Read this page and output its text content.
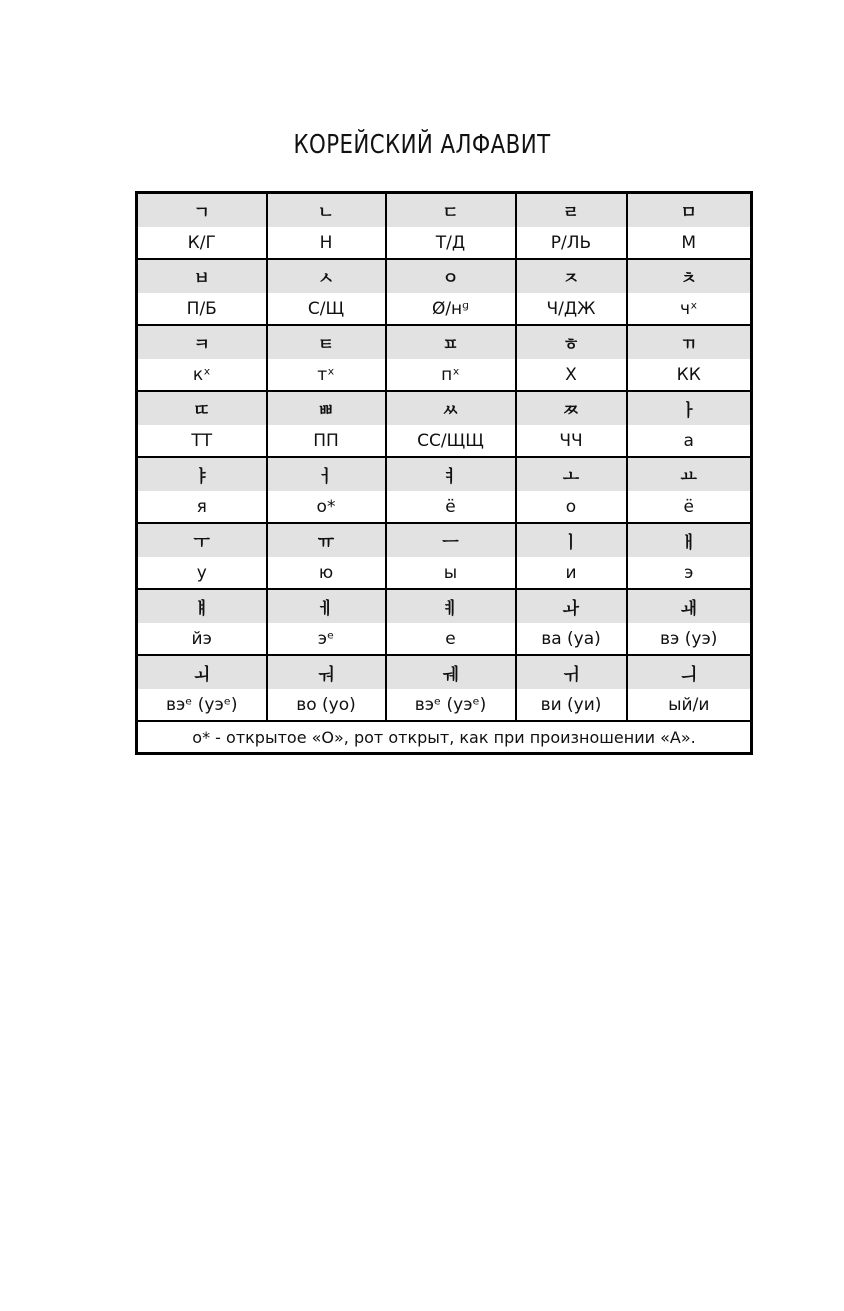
КОРЕЙСКИЙ АЛФАВИТ
ㄱ	ㄴ	ㄷ	ㄹ	ㅁ
К/Г	Н	Т/Д	Р/ЛЬ	М
ㅂ	ㅅ	ㅇ	ㅈ	ㅊ
П/Б	С/Щ	Ø/нᶢ	Ч/ДЖ	чˣ
ㅋ	ㅌ	ㅍ	ㅎ	ㄲ
кˣ	тˣ	пˣ	Х	КК
ㄸ	ㅃ	ㅆ	ㅉ	ㅏ
ТТ	ПП	СС/ЩЩ	ЧЧ	а
ㅑ	ㅓ	ㅕ	ㅗ	ㅛ
я	о*	ё	о	ё
ㅜ	ㅠ	ㅡ	ㅣ	ㅐ
у	ю	ы	и	э
ㅒ	ㅔ	ㅖ	ㅘ	ㅙ
йэ	эᵉ	е	ва (уа)	вэ (уэ)
ㅚ	ㅝ	ㅞ	ㅟ	ㅢ
вэᵉ (уэᵉ)	во (уо)	вэᵉ (уэᵉ)	ви (уи)	ый/и
о* - открытое «О», рот открыт, как при произношении «А».				
